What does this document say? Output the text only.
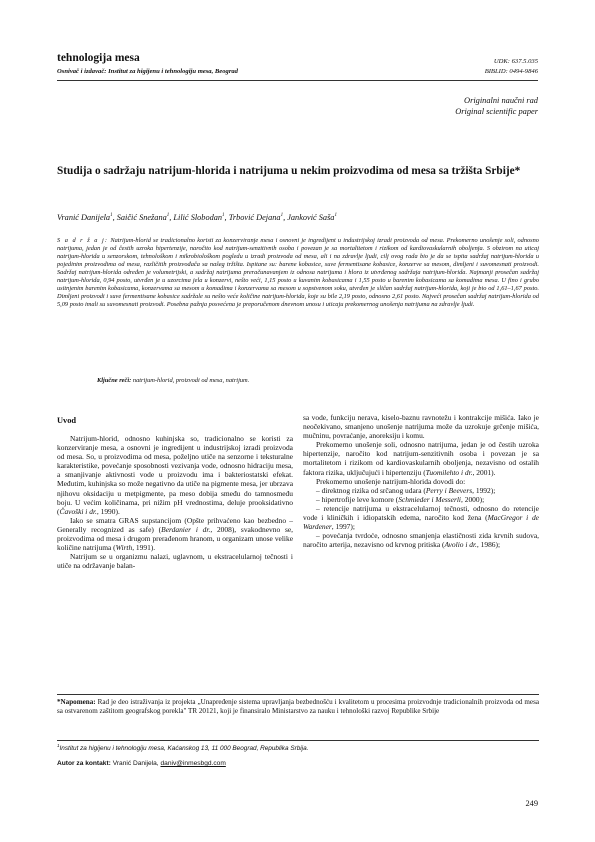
tehnologija mesa
Osnivač i izdavač: Institut za higijenu i tehnologiju mesa, Beograd
UDK: 637.5.035
BIBLID: 0494-9846
Originalni naučni rad
Original scientific paper
Studija o sadržaju natrijum-hlorida i natrijuma u nekim proizvodima od mesa sa tržišta Srbije*
Vranić Danijela$^1$, Saičić Snežana$^1$, Lilić Slobodan$^1$, Trbović Dejana$^1$, Janković Saša$^1$
S a d r ž a j: Natrijum-hlorid se tradicionalno koristi za konzerviranje mesa i osnovni je ingredijent u industrijskoj izradi proizvoda od mesa. Prekomerno unošenje soli, odnosno natrijuma, jedan je od čestih uzroka hipertenzije, naročito kod natrijum-senzitivnih osoba i povezan je sa mortalitetom i rizikom od kardiovaskularnih oboljenja. S obzirom na uticaj natrijum-hlorida u senzorskom, tehnološkom i mikrobiološkom pogledu u izradi proizvoda od mesa, ali i na zdravlje ljudi, cilj ovog rada bio je da se ispita sadržaj natrijum-hlorida u pojedinim proizvodima od mesa, različitih proizvođača sa našeg tržišta. Ispitane su: barene kobasice, suve fermentisane kobasice, konzerve sa mesom, dimljeni i suvomesnati proizvodi. Sadržaj natrijum-hlorida određen je volumetrijski, a sadržaj natrijuma preračunavanjem iz odnosa natrijuma i hlora iz utvrđenog sadržaja natrijum-hlorida. Najmanji prosečan sadržaj natrijum-hlorida, 0,94 posto, utvrđen je u uzorcima jela u konzervi, nešto veći, 1,15 posto u kuvanim kobasicama i 1,55 posto u barenim kobasicama sa komadima mesa. U fino i grubo usitnjenim barenim kobasicama, konzervama sa mesom u komadima i konzervama sa mesom u sopstvenom soku, utvrđen je sličan sadržaj natrijum-hlorida, koji je bio od 1,61–1,67 posto. Dimljeni proizvodi i suve fermentisane kobasice sadržale su nešto veće količine natrijum-hlorida, koje su bile 2,19 posto, odnosno 2,61 posto. Najveći prosečan sadržaj natrijum-hlorida od 5,09 posto imali su suvomesnati proizvodi. Posebna pažnja posvećena je preporučenom dnevnom unosu i uticaju prekomernog unošenja natrijuma na zdravlje ljudi.
Ključne reči: natrijum-hlorid, proizvodi od mesa, natrijum.
Uvod

Natrijum-hlorid, odnosno kuhinjska so, tradicionalno se koristi za konzerviranje mesa, a osnovni je ingredijent u industrijskoj izradi proizvoda od mesa. So, u proizvodima od mesa, poželjno utiče na senzorne i teksturalne karakteristike, povećanje sposobnosti vezivanja vode, odnosno hidraciju mesa, a smanjivanje aktivnosti vode u proizvodu ima i bakteriostatski efekat. Međutim, kuhinjska so može negativno da utiče na pigmente mesa, jer ubrzava njihovu oksidaciju u metpigmente, pa meso dobija smeđu do tamnosmeđu boju. U većim količinama, pri nižim pH vrednostima, deluje prooksidativno (Čavoški i dr., 1990).

Iako se smatra GRAS supstancijom (Opšte prihvaćeno kao bezbedno – Generally recognized as safe) (Berdanier i dr., 2008), svakodnevno se, proizvodima od mesa i drugom prerađenom hranom, u organizam unose velike količine natrijuma (Wirth, 1991).

Natrijum se u organizmu nalazi, uglavnom, u ekstracelularnoj tečnosti i utiče na održavanje balan-

sa vode, funkciju nerava, kiselo-baznu ravnotežu i kontrakcije mišića. Iako je neočekivano, smanjeno unošenje natrijuma može da uzrokuje grčenje mišića, mučninu, povraćanje, anoreksiju i komu.

Prekomerno unošenje soli, odnosno natrijuma, jedan je od čestih uzroka hipertenzije, naročito kod natrijum-senzitivnih osoba i povezan je sa mortalitetom i rizikom od kardiovaskularnih oboljenja, nezavisno od ostalih faktora rizika, uključujući i hipertenziju (Tuomilehto i dr., 2001).

Prekomerno unošenje natrijum-hlorida dovodi do:

– direktnog rizika od srčanog udara (Perry i Beevers, 1992);

– hipertrofije leve komore (Schmieder i Messerli, 2000);

– retencije natrijuma u ekstracelularnoj tečnosti, odnosno do retencije vode i kliničkih i idiopatskih edema, naročito kod žena (MacGregor i de Wardener, 1997);

– povećanja tvrdoće, odnosno smanjenja elastičnosti zida krvnih sudova, naročito arterija, nezavisno od krvnog pritiska (Avolio i dr., 1986);

*Napomena: Rad je deo istraživanja iz projekta „Unapređenje sistema upravljanja bezbednošću i kvalitetom u procesima proizvodnje tradicionalnih proizvoda od mesa sa ostvarenom zaštitom geografskog porekla" TR 20121, koji je finansiralo Ministarstvo za nauku i tehnološki razvoj Republike Srbije
$^1$Institut za higijenu i tehnologiju mesa, Kaćanskog 13, 11 000 Beograd, Republika Srbija.
Autor za kontakt: Vranić Danijela, daniv@inmesbgd.com
249
